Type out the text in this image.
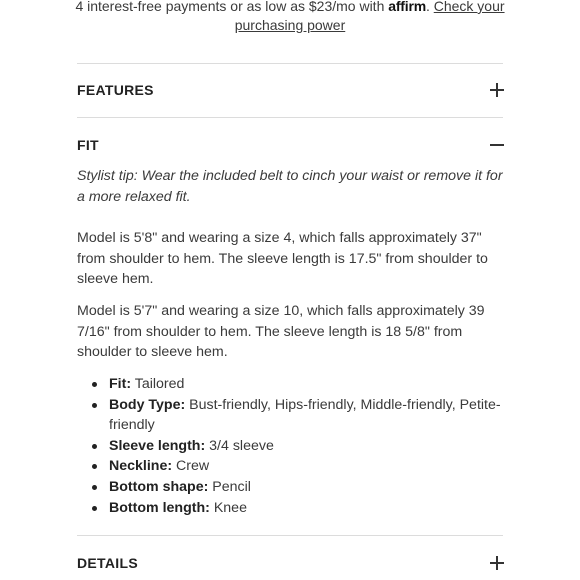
4 interest-free payments or as low as $23/mo with affirm. Check your
purchasing power
FEATURES
FIT

Stylist tip: Wear the included belt to cinch your waist or remove it for a more relaxed fit.

Model is 5'8" and wearing a size 4, which falls approximately 37" from shoulder to hem. The sleeve length is 17.5" from shoulder to sleeve hem.

Model is 5'7" and wearing a size 10, which falls approximately 39 7/16" from shoulder to hem. The sleeve length is 18 5/8" from shoulder to sleeve hem.

Fit: Tailored
Body Type: Bust-friendly, Hips-friendly, Middle-friendly, Petite-friendly
Sleeve length: 3/4 sleeve
Neckline: Crew
Bottom shape: Pencil
Bottom length: Knee
DETAILS
